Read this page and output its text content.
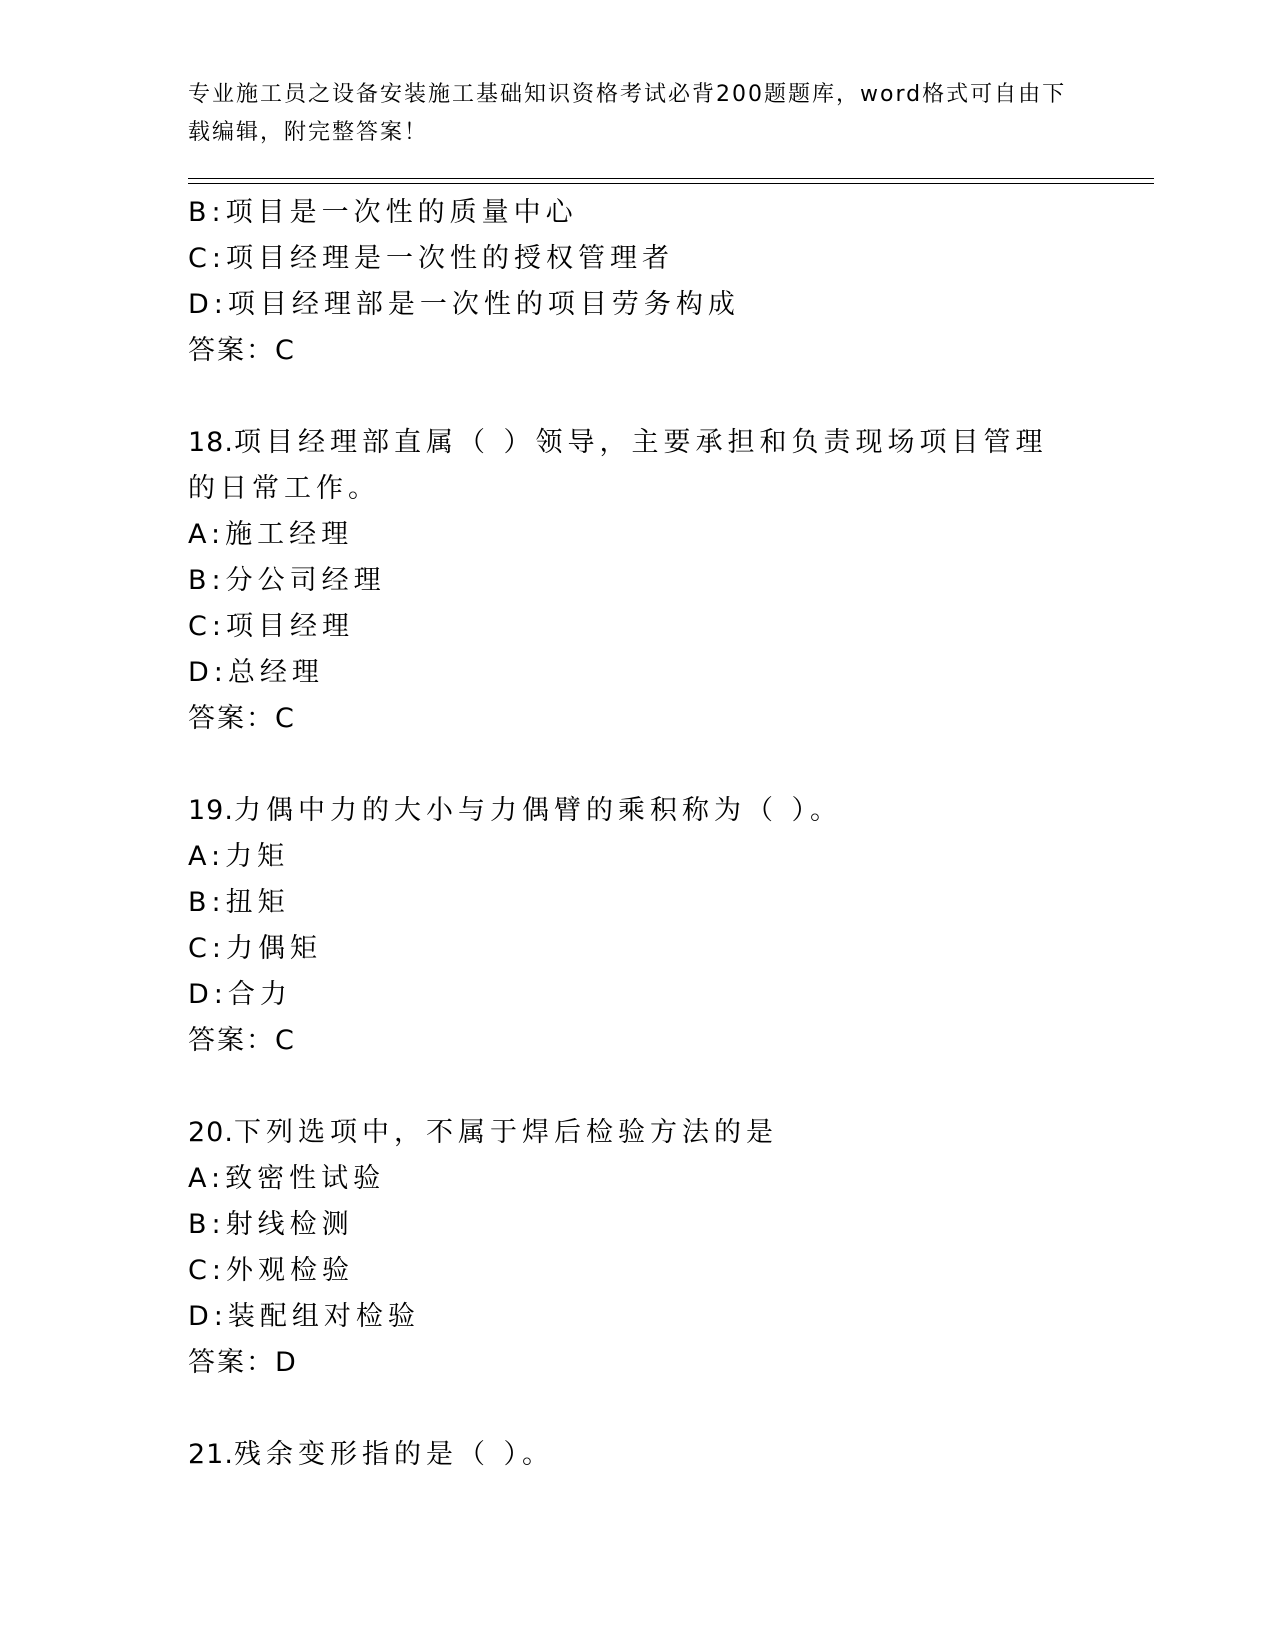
专业施工员之设备安装施工基础知识资格考试必背200题题库，word格式可自由下载编辑，附完整答案！
B:项目是一次性的质量中心
C:项目经理是一次性的授权管理者
D:项目经理部是一次性的项目劳务构成
答案：C
18.项目经理部直属（ ）领导，主要承担和负责现场项目管理的日常工作。
A:施工经理
B:分公司经理
C:项目经理
D:总经理
答案：C
19.力偶中力的大小与力偶臂的乘积称为（ ）。
A:力矩
B:扭矩
C:力偶矩
D:合力
答案：C
20.下列选项中，不属于焊后检验方法的是
A:致密性试验
B:射线检测
C:外观检验
D:装配组对检验
答案：D
21.残余变形指的是（ ）。
